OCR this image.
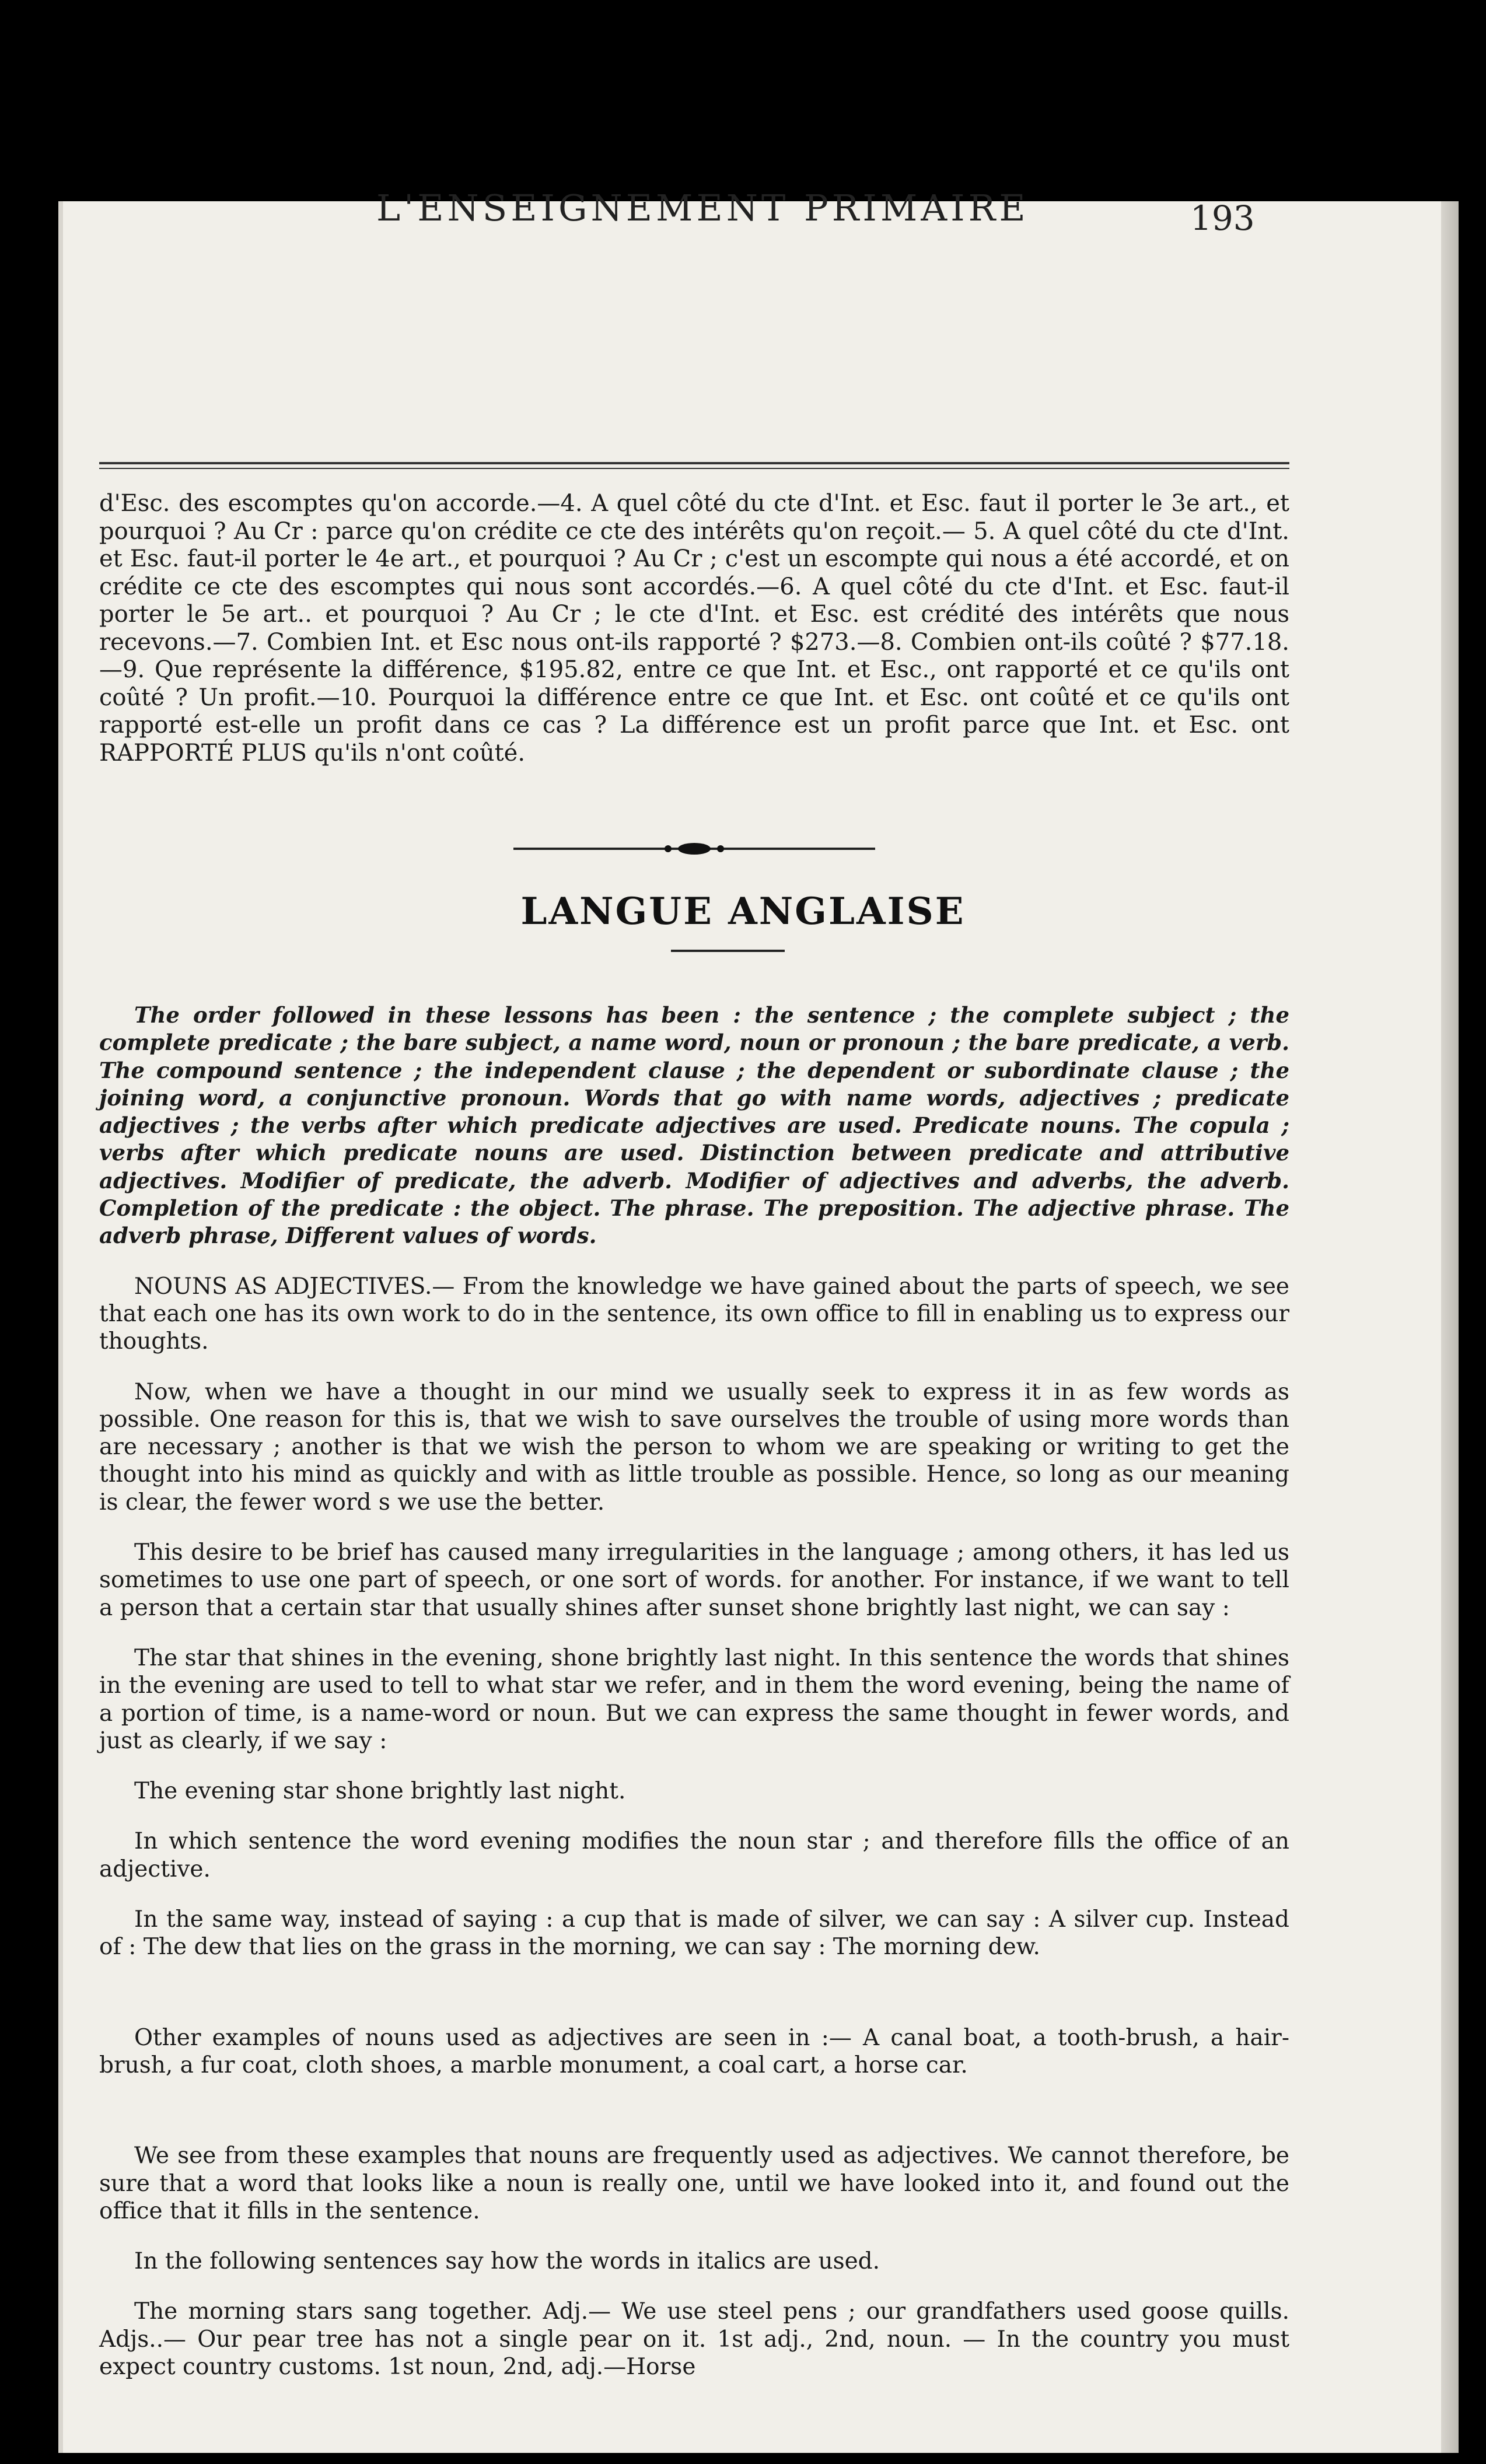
L'ENSEIGNEMENT PRIMAIRE	193

d'Esc. des escomptes qu'on accorde.—4. A quel côté du cte d'Int. et Esc. faut il porter le 3e art., et pourquoi ? Au Cr : parce qu'on crédite ce cte des intérêts qu'on reçoit.— 5. A quel côté du cte d'Int. et Esc. faut-il porter le 4e art., et pourquoi ? Au Cr ; c'est un escompte qui nous a été accordé, et on crédite ce cte des escomptes qui nous sont accordés.—6. A quel côté du cte d'Int. et Esc. faut-il porter le 5e art.. et pourquoi ? Au Cr ; le cte d'Int. et Esc. est crédité des intérêts que nous recevons.—7. Combien Int. et Esc nous ont-ils rapporté ? $273.—8. Combien ont-ils coûté ? $77.18.—9. Que représente la différence, $195.82, entre ce que Int. et Esc., ont rapporté et ce qu'ils ont coûté ? Un profit.—10. Pourquoi la différence entre ce que Int. et Esc. ont coûté et ce qu'ils ont rapporté est-elle un profit dans ce cas ? La différence est un profit parce que Int. et Esc. ont RAPPORTÉ PLUS qu'ils n'ont coûté.

LANGUE ANGLAISE

The order followed in these lessons has been : the sentence ; the complete subject ; the complete predicate ; the bare subject, a name word, noun or pronoun ; the bare predicate, a verb. The compound sentence ; the independent clause ; the dependent or subordinate clause ; the joining word, a conjunctive pronoun. Words that go with name words, adjectives ; predicate adjectives ; the verbs after which predicate adjectives are used. Predicate nouns. The copula ; verbs after which predicate nouns are used. Distinction between predicate and attributive adjectives. Modifier of predicate, the adverb. Modifier of adjectives and adverbs, the adverb. Completion of the predicate : the object. The phrase. The preposition. The adjective phrase. The adverb phrase, Different values of words.

NOUNS AS ADJECTIVES.— From the knowledge we have gained about the parts of speech, we see that each one has its own work to do in the sentence, its own office to fill in enabling us to express our thoughts.

Now, when we have a thought in our mind we usually seek to express it in as few words as possible. One reason for this is, that we wish to save ourselves the trouble of using more words than are necessary ; another is that we wish the person to whom we are speaking or writing to get the thought into his mind as quickly and with as little trouble as possible. Hence, so long as our meaning is clear, the fewer word s we use the better.

This desire to be brief has caused many irregularities in the language ; among others, it has led us sometimes to use one part of speech, or one sort of words. for another. For instance, if we want to tell a person that a certain star that usually shines after sunset shone brightly last night, we can say :

The star that shines in the evening, shone brightly last night. In this sentence the words that shines in the evening are used to tell to what star we refer, and in them the word evening, being the name of a portion of time, is a name-word or noun. But we can express the same thought in fewer words, and just as clearly, if we say :

The evening star shone brightly last night.

In which sentence the word evening modifies the noun star ; and therefore fills the office of an adjective.

In the same way, instead of saying : a cup that is made of silver, we can say : A silver cup. Instead of : The dew that lies on the grass in the morning, we can say : The morning dew.

Other examples of nouns used as adjectives are seen in :— A canal boat, a tooth-brush, a hair-brush, a fur coat, cloth shoes, a marble monument, a coal cart, a horse car.

We see from these examples that nouns are frequently used as adjectives. We cannot therefore, be sure that a word that looks like a noun is really one, until we have looked into it, and found out the office that it fills in the sentence.

In the following sentences say how the words in italics are used.

The morning stars sang together. Adj.— We use steel pens ; our grandfathers used goose quills. Adjs..— Our pear tree has not a single pear on it. 1st adj., 2nd, noun. — In the country you must expect country customs. 1st noun, 2nd, adj.—Horse
